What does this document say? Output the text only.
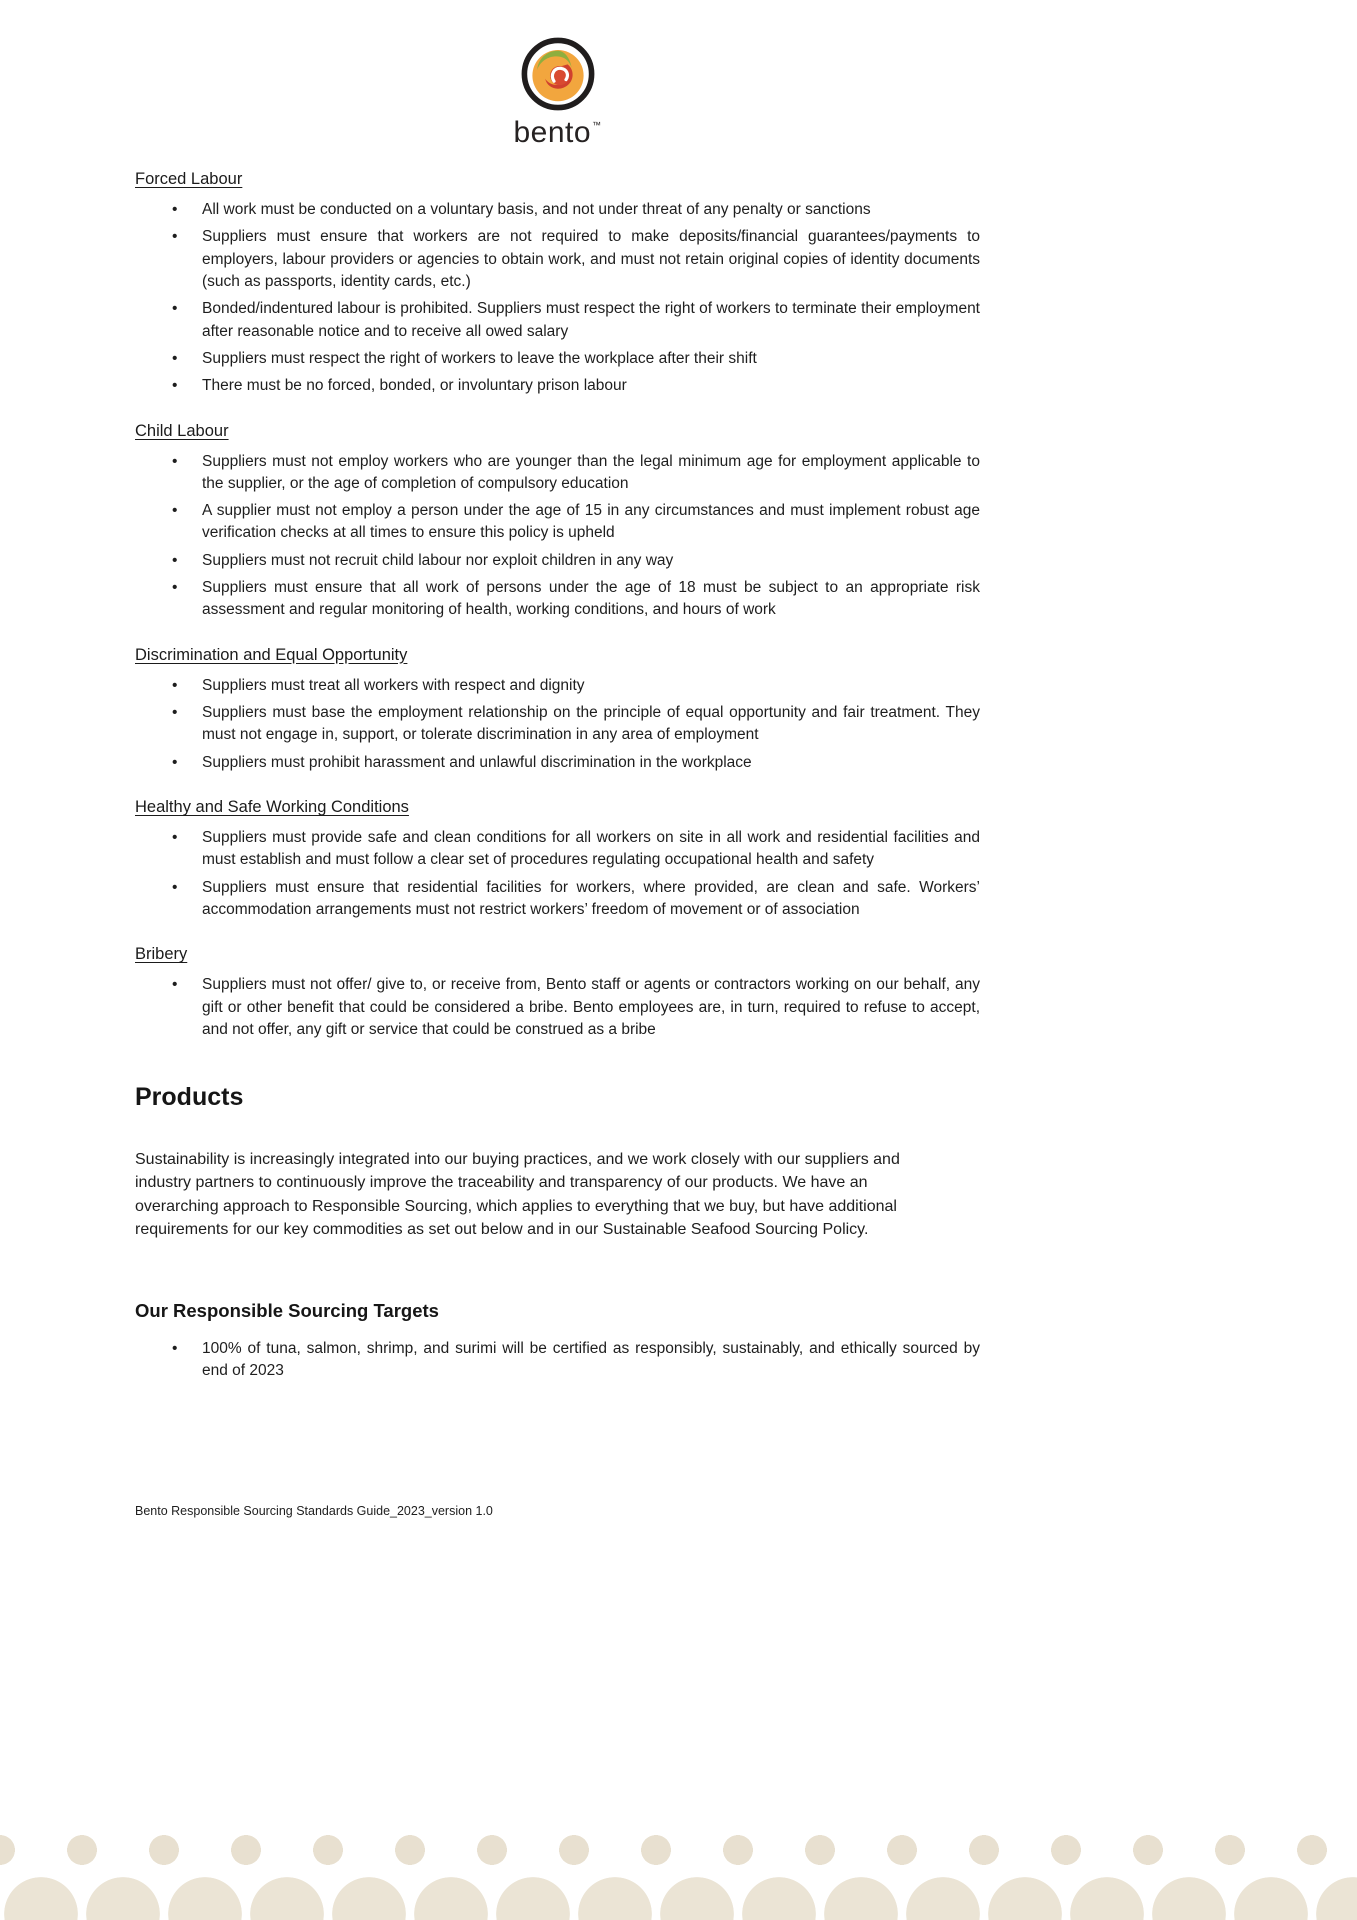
bento ™
Forced Labour
• All work must be conducted on a voluntary basis, and not under threat of any penalty or sanctions
• Suppliers must ensure that workers are not required to make deposits/financial guarantees/payments to employers, labour providers or agencies to obtain work, and must not retain original copies of identity documents (such as passports, identity cards, etc.)
• Bonded/indentured labour is prohibited. Suppliers must respect the right of workers to terminate their employment after reasonable notice and to receive all owed salary
• Suppliers must respect the right of workers to leave the workplace after their shift
• There must be no forced, bonded, or involuntary prison labour
Child Labour
• Suppliers must not employ workers who are younger than the legal minimum age for employment applicable to the supplier, or the age of completion of compulsory education
• A supplier must not employ a person under the age of 15 in any circumstances and must implement robust age verification checks at all times to ensure this policy is upheld
• Suppliers must not recruit child labour nor exploit children in any way
• Suppliers must ensure that all work of persons under the age of 18 must be subject to an appropriate risk assessment and regular monitoring of health, working conditions, and hours of work
Discrimination and Equal Opportunity
• Suppliers must treat all workers with respect and dignity
• Suppliers must base the employment relationship on the principle of equal opportunity and fair treatment. They must not engage in, support, or tolerate discrimination in any area of employment
• Suppliers must prohibit harassment and unlawful discrimination in the workplace
Healthy and Safe Working Conditions
• Suppliers must provide safe and clean conditions for all workers on site in all work and residential facilities and must establish and must follow a clear set of procedures regulating occupational health and safety
• Suppliers must ensure that residential facilities for workers, where provided, are clean and safe. Workers’ accommodation arrangements must not restrict workers’ freedom of movement or of association
Bribery
• Suppliers must not offer/ give to, or receive from, Bento staff or agents or contractors working on our behalf, any gift or other benefit that could be considered a bribe. Bento employees are, in turn, required to refuse to accept, and not offer, any gift or service that could be construed as a bribe
Products

Sustainability is increasingly integrated into our buying practices, and we work closely with our suppliers and industry partners to continuously improve the traceability and transparency of our products. We have an overarching approach to Responsible Sourcing, which applies to everything that we buy, but have additional requirements for our key commodities as set out below and in our Sustainable Seafood Sourcing Policy.

Our Responsible Sourcing Targets
• 100% of tuna, salmon, shrimp, and surimi will be certified as responsibly, sustainably, and ethically sourced by end of 2023
Bento Responsible Sourcing Standards Guide_2023_version 1.0
